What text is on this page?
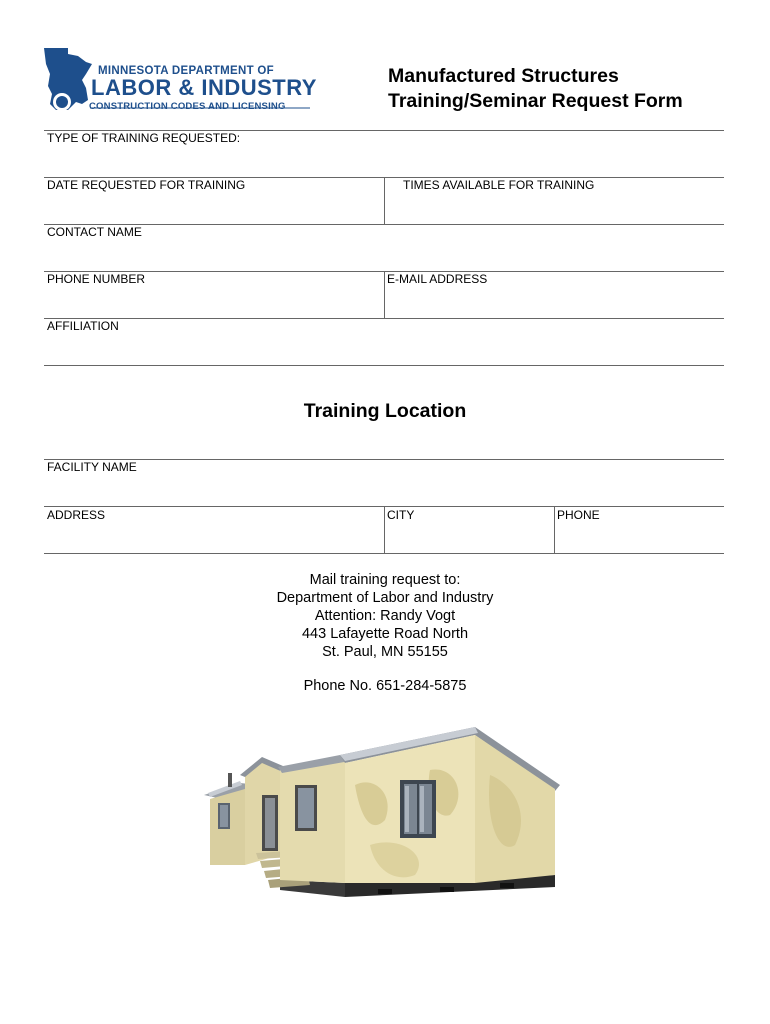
MINNESOTA DEPARTMENT OF
LABOR & INDUSTRY
CONSTRUCTION CODES AND LICENSING
Manufactured Structures
Training/Seminar Request Form
TYPE OF TRAINING REQUESTED:
DATE REQUESTED FOR TRAINING	TIMES AVAILABLE FOR TRAINING
CONTACT NAME
PHONE NUMBER	E-MAIL ADDRESS
AFFILIATION
Training Location
FACILITY NAME
ADDRESS	CITY	PHONE
Mail training request to:
Department of Labor and Industry
Attention: Randy Vogt
443 Lafayette Road North
St. Paul, MN 55155
Phone No. 651-284-5875
